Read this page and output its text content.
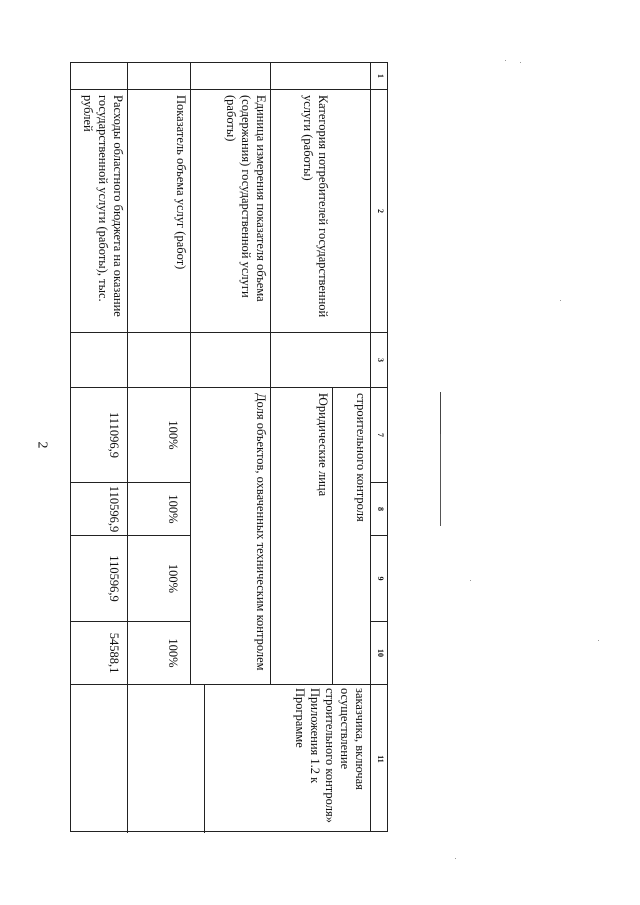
2
1
2
3
7
8
9
10
11
строительного контроля
заказчика, включая осуществление строительного контроля» Приложения 1.2 к Программе
Категория потребителей государственной услуги (работы)
Юридические лица
Единица измерения показателя объема (содержания) государственной услуги (работы)
Доля объектов, охваченных техническим контролем
Показатель объема услуг (работ)
100%
100%
100%
100%
Расходы областного бюджета на оказание государственной услуги (работы), тыс. рублей
111096,9
110596,9
110596,9
54588,1
